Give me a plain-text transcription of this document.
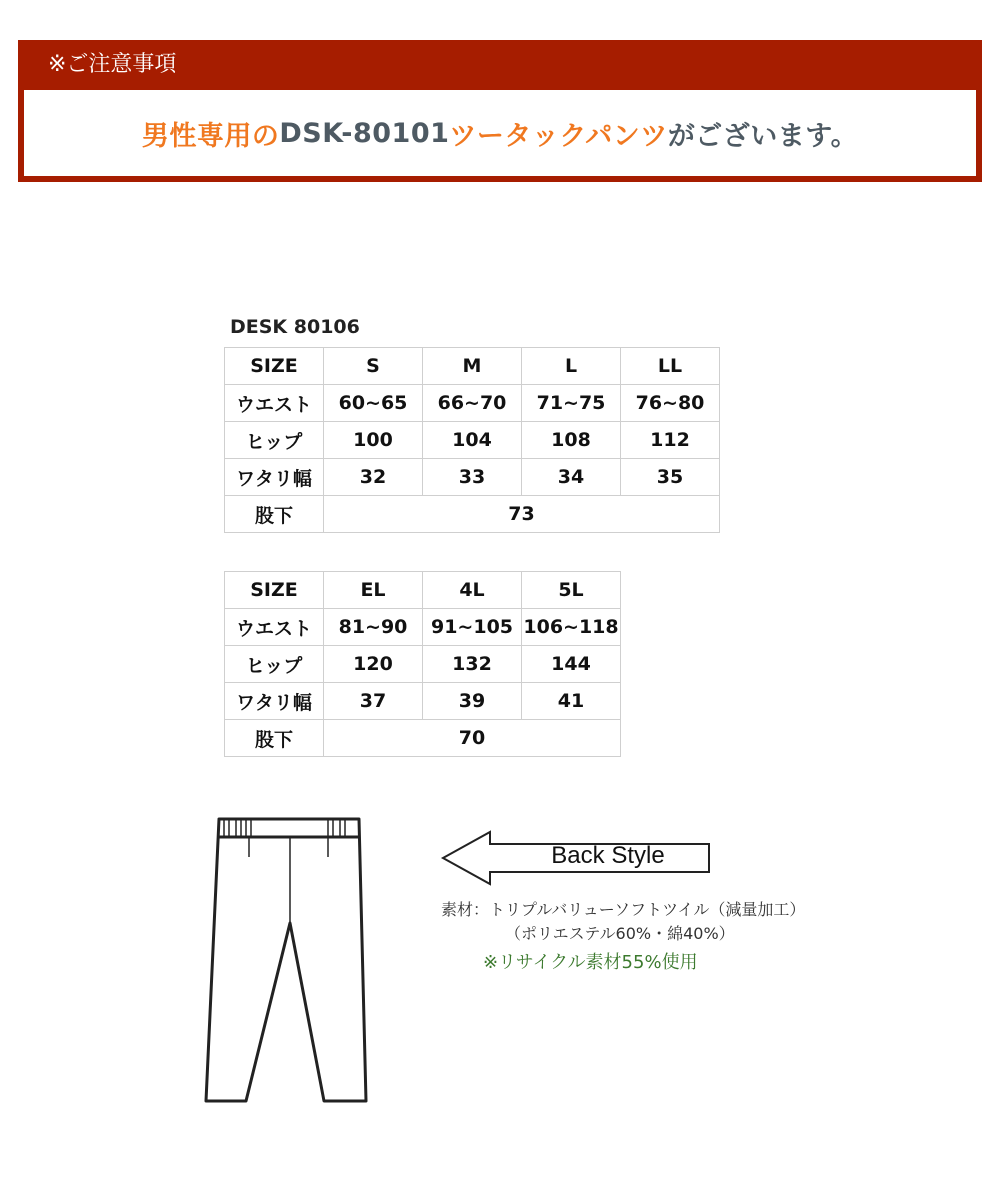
※ご注意事項
男性専用の DSK-80101 ツータックパンツ がございます。
DESK 80106
SIZE	S	M	L	LL
ウエスト	60~65	66~70	71~75	76~80
ヒップ	100	104	108	112
ワタリ幅	32	33	34	35
股下	73			
SIZE	EL	4L	5L
ウエスト	81~90	91~105	106~118
ヒップ	120	132	144
ワタリ幅	37	39	41
股下	70		
Back Style
素材：トリプルバリューソフトツイル（減量加工）
（ポリエステル60%・綿40%）
※リサイクル素材55%使用
